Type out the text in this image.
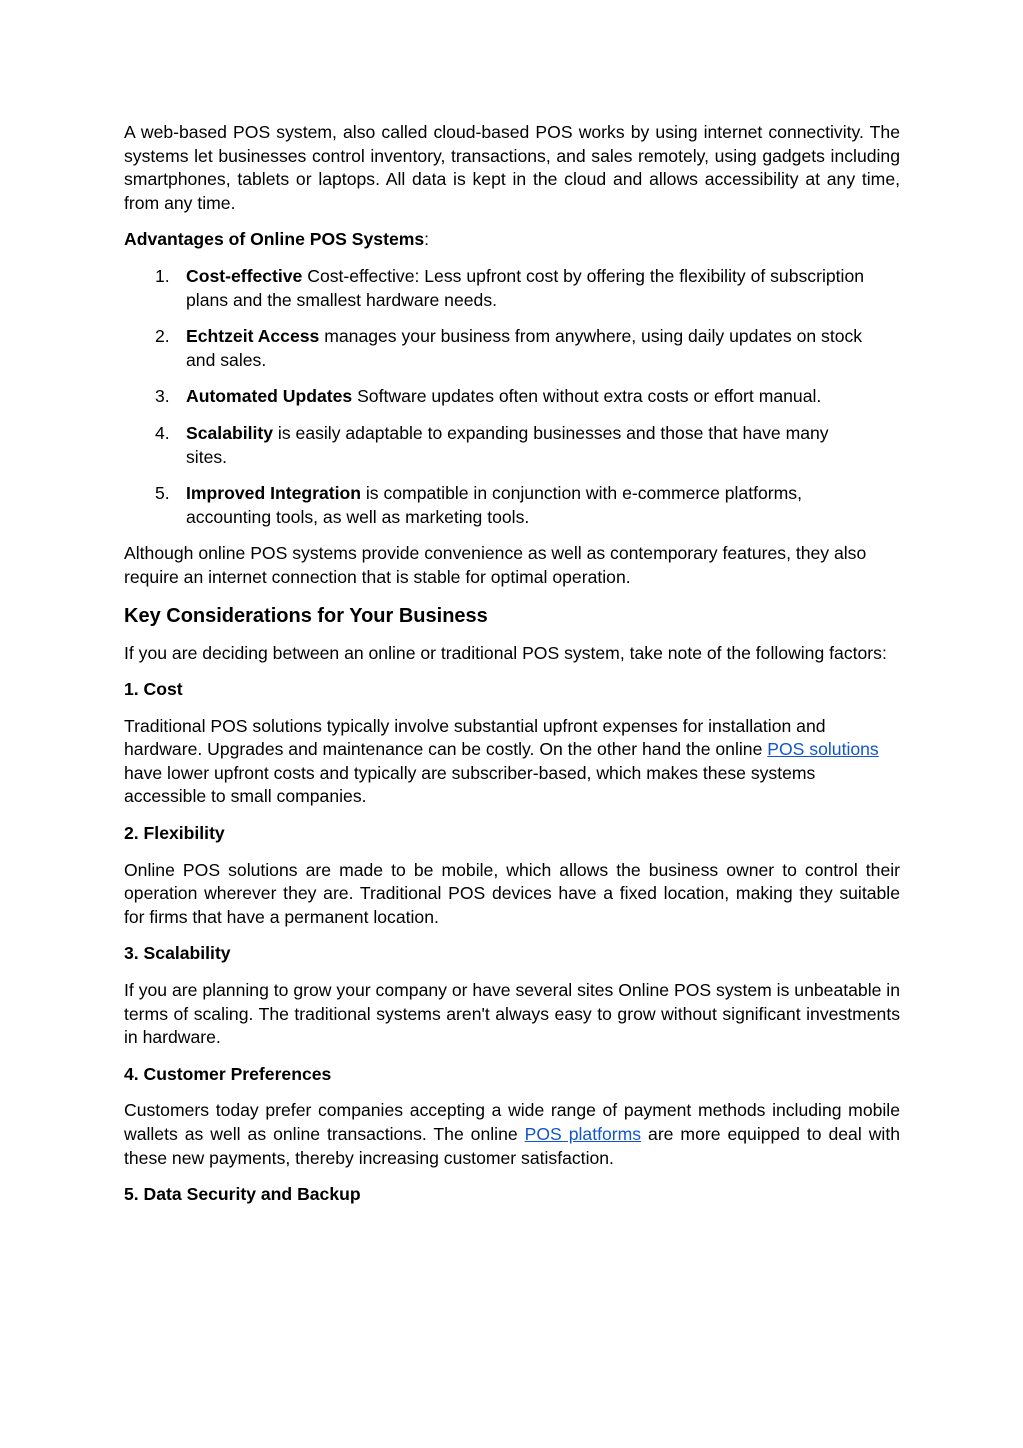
A web-based POS system, also called cloud-based POS works by using internet connectivity. The systems let businesses control inventory, transactions, and sales remotely, using gadgets including smartphones, tablets or laptops. All data is kept in the cloud and allows accessibility at any time, from any time.

Advantages of Online POS Systems:

1. Cost-effective Cost-effective: Less upfront cost by offering the flexibility of subscription plans and the smallest hardware needs.
2. Echtzeit Access manages your business from anywhere, using daily updates on stock and sales.
3. Automated Updates Software updates often without extra costs or effort manual.
4. Scalability is easily adaptable to expanding businesses and those that have many sites.
5. Improved Integration is compatible in conjunction with e-commerce platforms, accounting tools, as well as marketing tools.

Although online POS systems provide convenience as well as contemporary features, they also require an internet connection that is stable for optimal operation.

Key Considerations for Your Business

If you are deciding between an online or traditional POS system, take note of the following factors:

1. Cost

Traditional POS solutions typically involve substantial upfront expenses for installation and hardware. Upgrades and maintenance can be costly. On the other hand the online POS solutions have lower upfront costs and typically are subscriber-based, which makes these systems accessible to small companies.

2. Flexibility

Online POS solutions are made to be mobile, which allows the business owner to control their operation wherever they are. Traditional POS devices have a fixed location, making they suitable for firms that have a permanent location.

3. Scalability

If you are planning to grow your company or have several sites Online POS system is unbeatable in terms of scaling. The traditional systems aren't always easy to grow without significant investments in hardware.

4. Customer Preferences

Customers today prefer companies accepting a wide range of payment methods including mobile wallets as well as online transactions. The online POS platforms are more equipped to deal with these new payments, thereby increasing customer satisfaction.

5. Data Security and Backup
